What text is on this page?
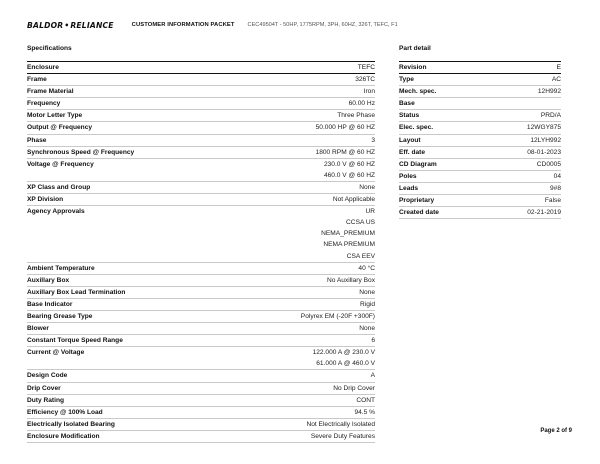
BALDOR•RELIANCE	CUSTOMER INFORMATION PACKET CEC49504T - 50HP, 1775RPM, 3PH, 60HZ, 326T, TEFC, F1
Specifications	Part detail
Enclosure	TEFC
Frame	326TC
Frame Material	Iron
Frequency	60.00 Hz
Motor Letter Type	Three Phase
Output @ Frequency	50.000 HP @ 60 HZ
Phase	3
Synchronous Speed @ Frequency	1800 RPM @ 60 HZ
Voltage @ Frequency	230.0 V @ 60 HZ
	460.0 V @ 60 HZ
XP Class and Group	None
XP Division	Not Applicable
Agency Approvals	UR
	CCSA US
	NEMA_PREMIUM
	NEMA PREMIUM
	CSA EEV
Ambient Temperature	40 °C
Auxillary Box	No Auxillary Box
Auxillary Box Lead Termination	None
Base Indicator	Rigid
Bearing Grease Type	Polyrex EM (-20F +300F)
Blower	None
Constant Torque Speed Range	6
Current @ Voltage	122.000 A @ 230.0 V
	61.000 A @ 460.0 V
Design Code	A
Drip Cover	No Drip Cover
Duty Rating	CONT
Efficiency @ 100% Load	94.5 %
Electrically Isolated Bearing	Not Electrically Isolated
Enclosure Modification	Severe Duty Features
Revision	E
Type	AC
Mech. spec.	12H992
Base	
Status	PRD/A
Elec. spec.	12WGY875
Layout	12LYH992
Eff. date	08-01-2023
CD Diagram	CD0005
Poles	04
Leads	9#8
Proprietary	False
Created date	02-21-2019
Page 2 of 9
